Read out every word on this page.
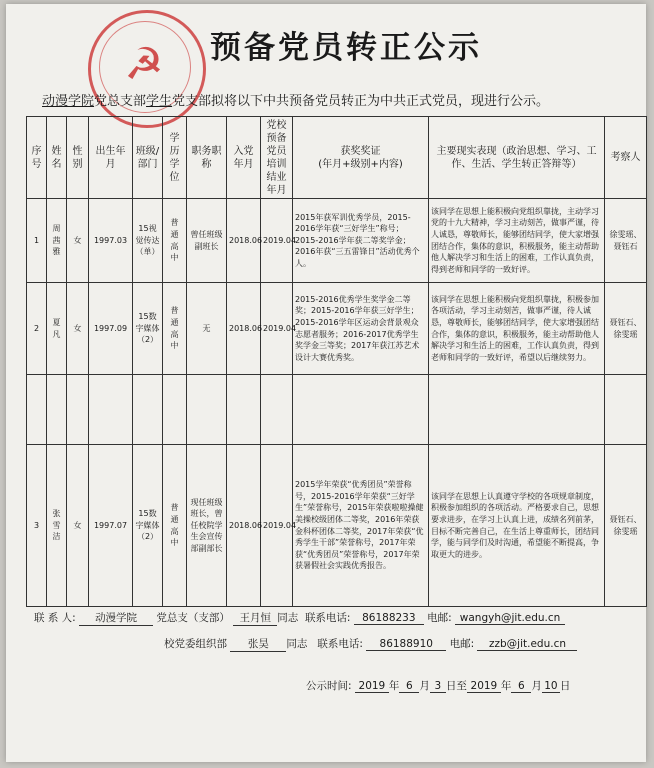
☭	预备党员转正公示
动漫学院党总支部学生党支部拟将以下中共预备党员转正为中共正式党员，现进行公示。
序号	姓名	性别	出生年月	班级/部门	学历学位	职务职称	入党年月	党校预备党员培训结业年月	获奖奖证
(年月+级别+内容)	主要现实表现（政治思想、学习、工作、生活、学生转正答辩等）	考察人
1	周茜雅	女	1997.03	15视觉传达（单）	普通高中	曾任班级副班长	2018.06	2019.04	2015年获军训优秀学员，2015-2016学年获“三好学生”称号；2015-2016学年获二等奖学金；2016年获“三五雷锋日”活动优秀个人。	该同学在思想上能积极向党组织靠拢，主动学习党的十九大精神，学习主动刻苦，做事严谨，待人诚恳，尊敬师长，能够团结同学，使大家增强团结合作，集体的意识，积极服务，能主动帮助他人解决学习和生活上的困难，工作认真负责，得到老师和同学的一致好评。	徐雯瑶、聂钰石
2	夏凡	女	1997.09	15数字媒体（2）	普通高中	无	2018.06	2019.04	2015-2016优秀学生奖学金二等奖；2015-2016学年获三好学生；2015-2016学年区运动会背景观众志愿者服务；2016-2017优秀学生奖学金三等奖；2017年获江苏艺术设计大赛优秀奖。	该同学在思想上能积极向党组织靠拢，积极参加各项活动，学习主动刻苦，做事严谨，待人诚恳，尊敬师长，能够团结同学，使大家增强团结合作，集体的意识，积极服务，能主动帮助他人解决学习和生活上的困难，工作认真负责，得到老师和同学的一致好评，希望以后继续努力。	聂钰石、徐雯瑶

3	张雪洁	女	1997.07	15数字媒体（2）	普通高中	现任班级班长，曾任校院学生会宣传部副部长	2018.06	2019.04	2015学年荣获“优秀团员”荣誉称号，2015-2016学年荣获“三好学生”荣誉称号，2015年荣获啦啦操健美操校级团体二等奖，2016年荣获金科杯团体二等奖，2017年荣获“优秀学生干部”荣誉称号，2017年荣获“优秀团员”荣誉称号，2017年荣获暑假社会实践优秀报告。	该同学在思想上认真遵守学校的各项规章制度，积极参加组织的各项活动。严格要求自己，思想要求进步，在学习上认真上进，成绩名列前茅，目标不断完善自己，在生活上尊重师长，团结同学，能与同学们及时沟通，希望能不断提高，争取更大的进步。	聂钰石、徐雯瑶
联 系 人: 动漫学院 党总支（支部） 王月恒 同志 联系电话: 86188233 电邮: wangyh@jit.edu.cn
校党委组织部 张昊 同志 联系电话: 86188910 电邮: zzb@jit.edu.cn
公示时间: 2019 年 6 月 3 日至 2019 年 6 月 10 日
